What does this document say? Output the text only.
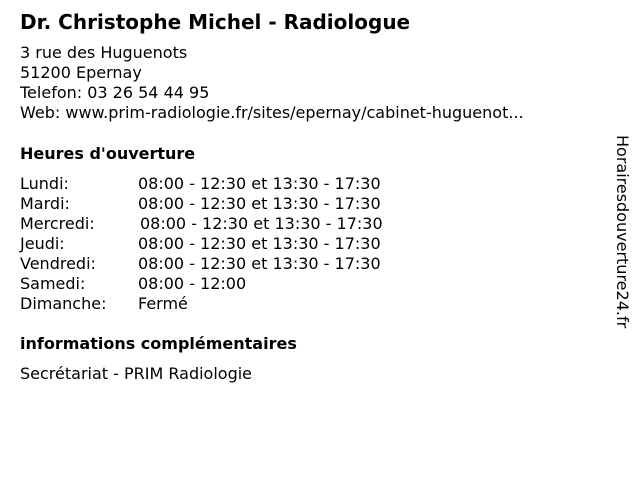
Dr. Christophe Michel - Radiologue
3 rue des Huguenots
51200 Epernay
Telefon: 03 26 54 44 95
Web: www.prim-radiologie.fr/sites/epernay/cabinet-huguenot...
Heures d'ouverture
Lundi:	08:00 - 12:30 et 13:30 - 17:30
Mardi:	08:00 - 12:30 et 13:30 - 17:30
Mercredi:	08:00 - 12:30 et 13:30 - 17:30
Jeudi:	08:00 - 12:30 et 13:30 - 17:30
Vendredi:	08:00 - 12:30 et 13:30 - 17:30
Samedi:	08:00 - 12:00
Dimanche: Fermé
informations complémentaires
Secrétariat - PRIM Radiologie
Horairesdouverture24.fr
